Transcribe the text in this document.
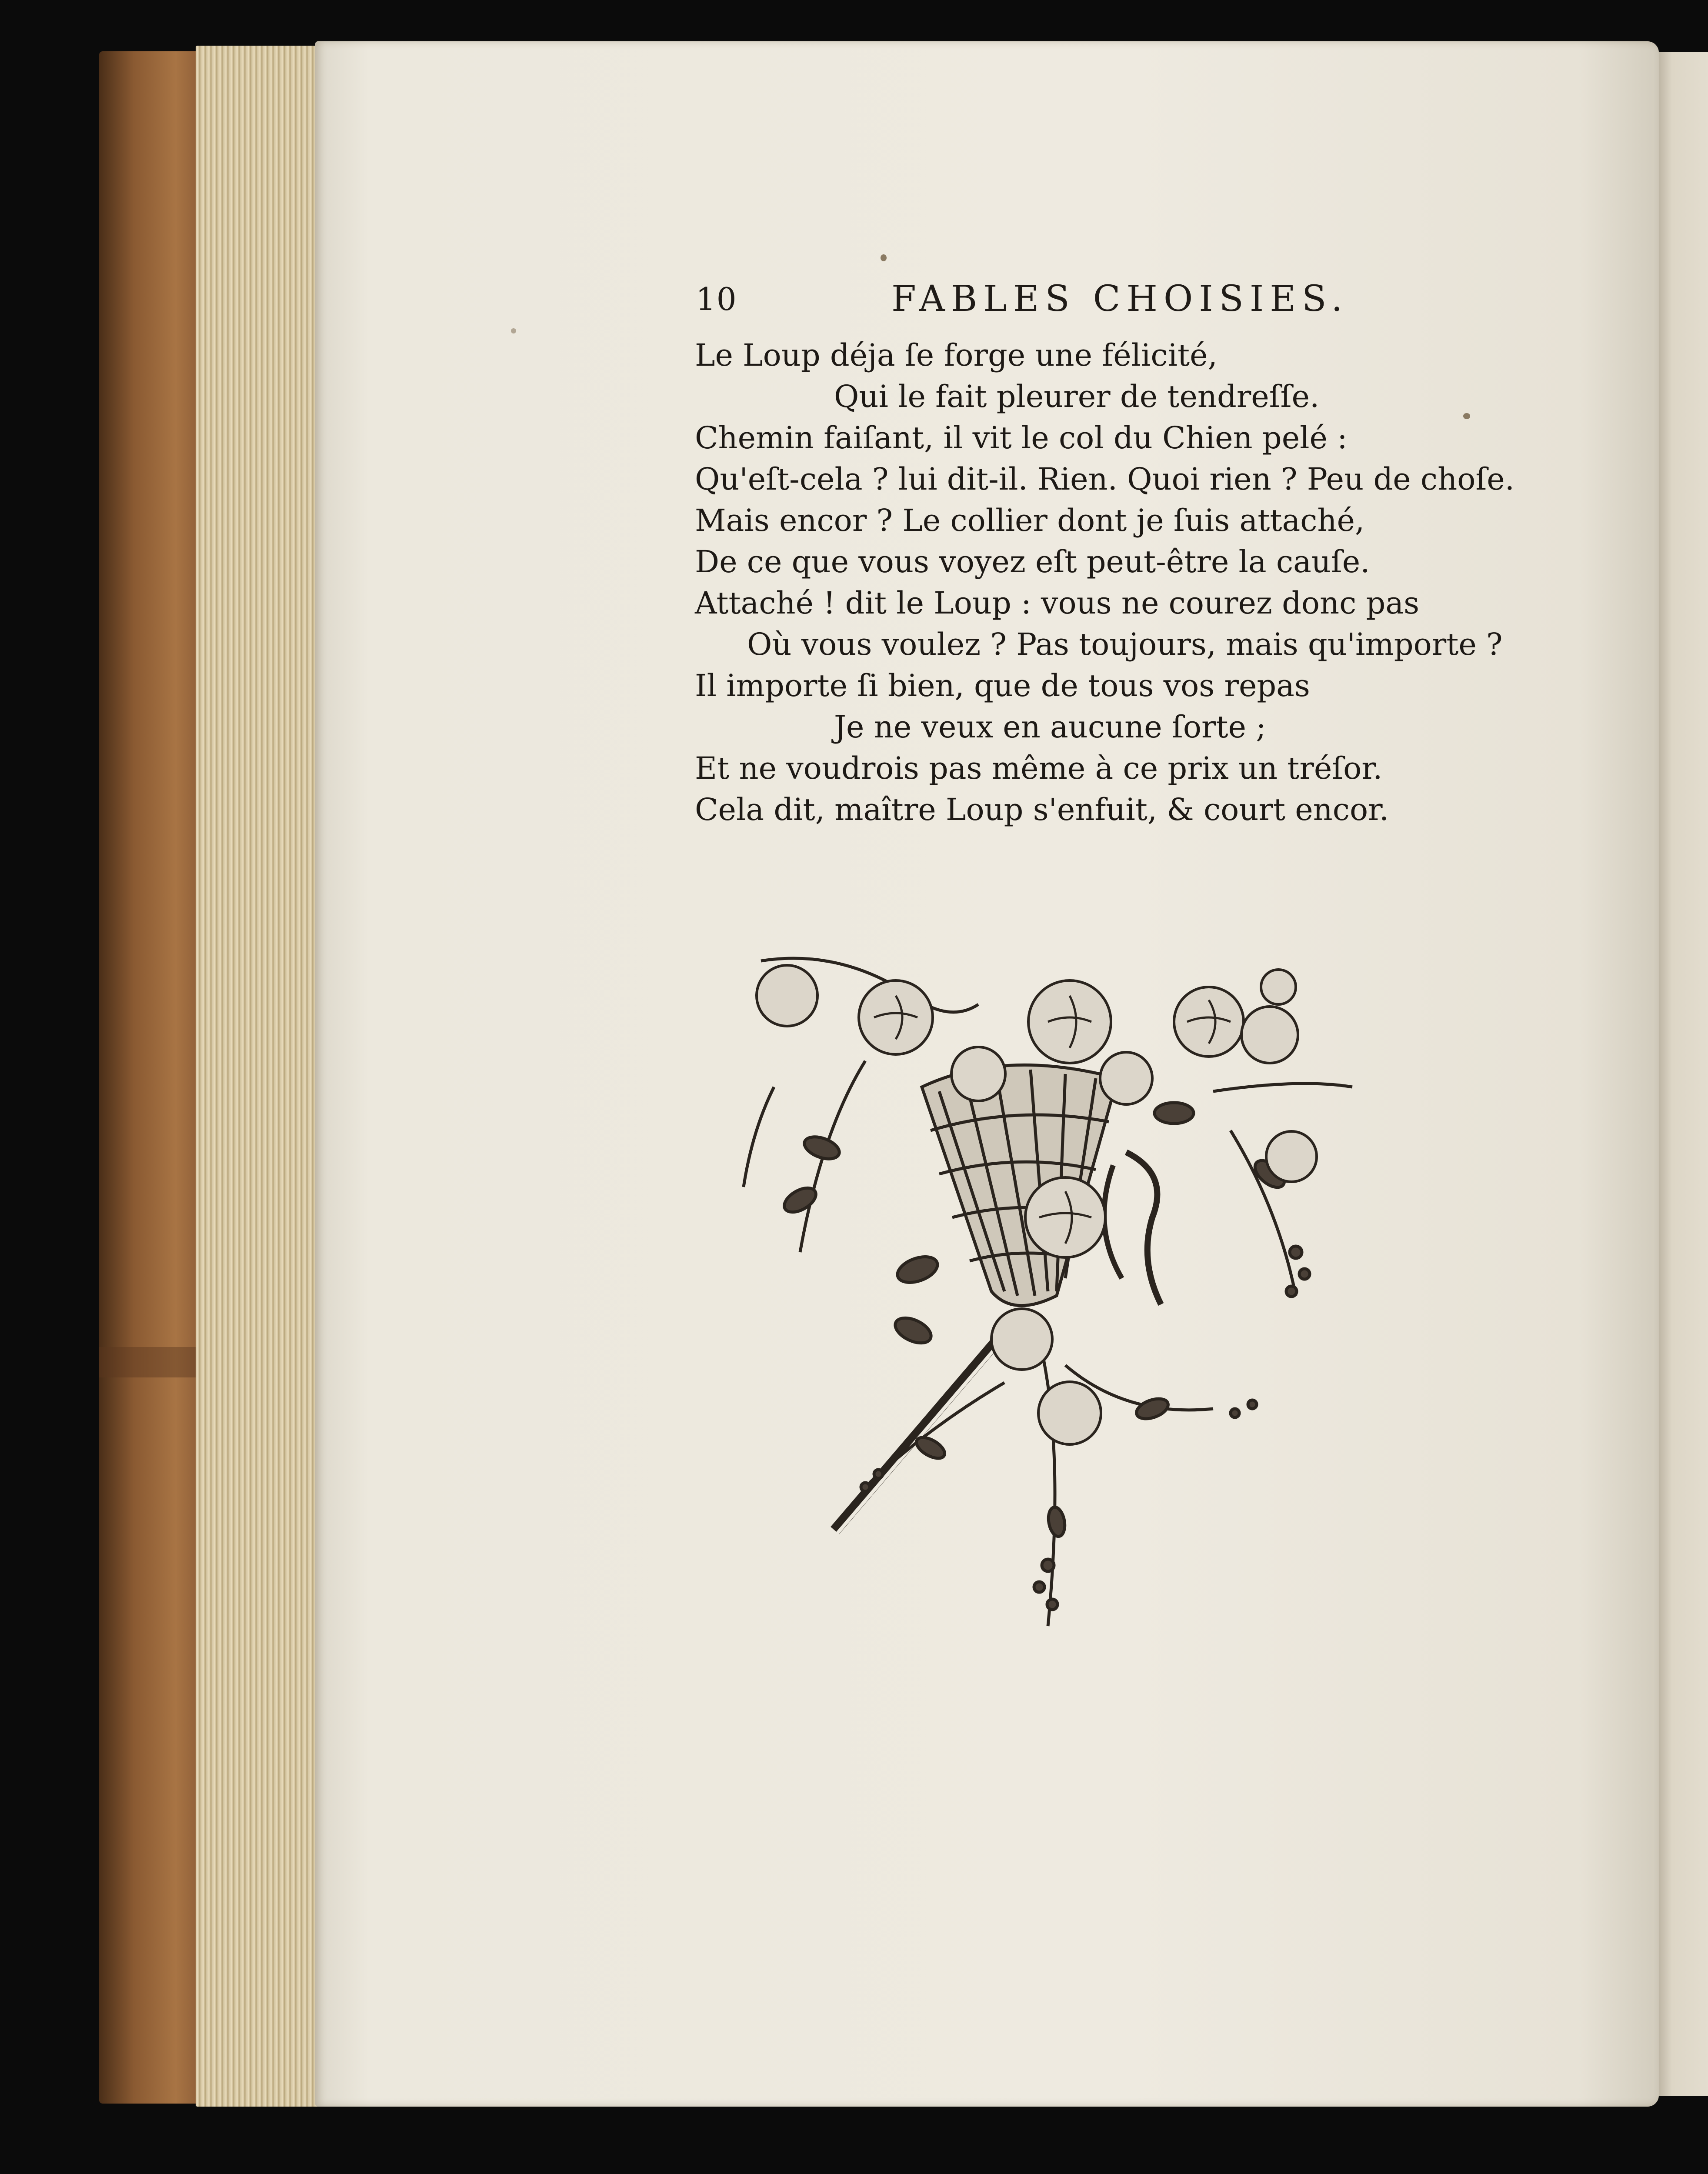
10	FABLES CHOISIES.
Le Loup déja ſe forge une félicité,
Qui le fait pleurer de tendreſſe.
Chemin faiſant, il vit le col du Chien pelé :
Qu'eſt-cela ? lui dit-il. Rien. Quoi rien ? Peu de choſe.
Mais encor ? Le collier dont je ſuis attaché,
De ce que vous voyez eſt peut-être la cauſe.
Attaché ! dit le Loup : vous ne courez donc pas
Où vous voulez ? Pas toujours, mais qu'importe ?
Il importe ſi bien, que de tous vos repas
Je ne veux en aucune ſorte ;
Et ne voudrois pas même à ce prix un tréſor.
Cela dit, maître Loup s'enfuit, & court encor.
